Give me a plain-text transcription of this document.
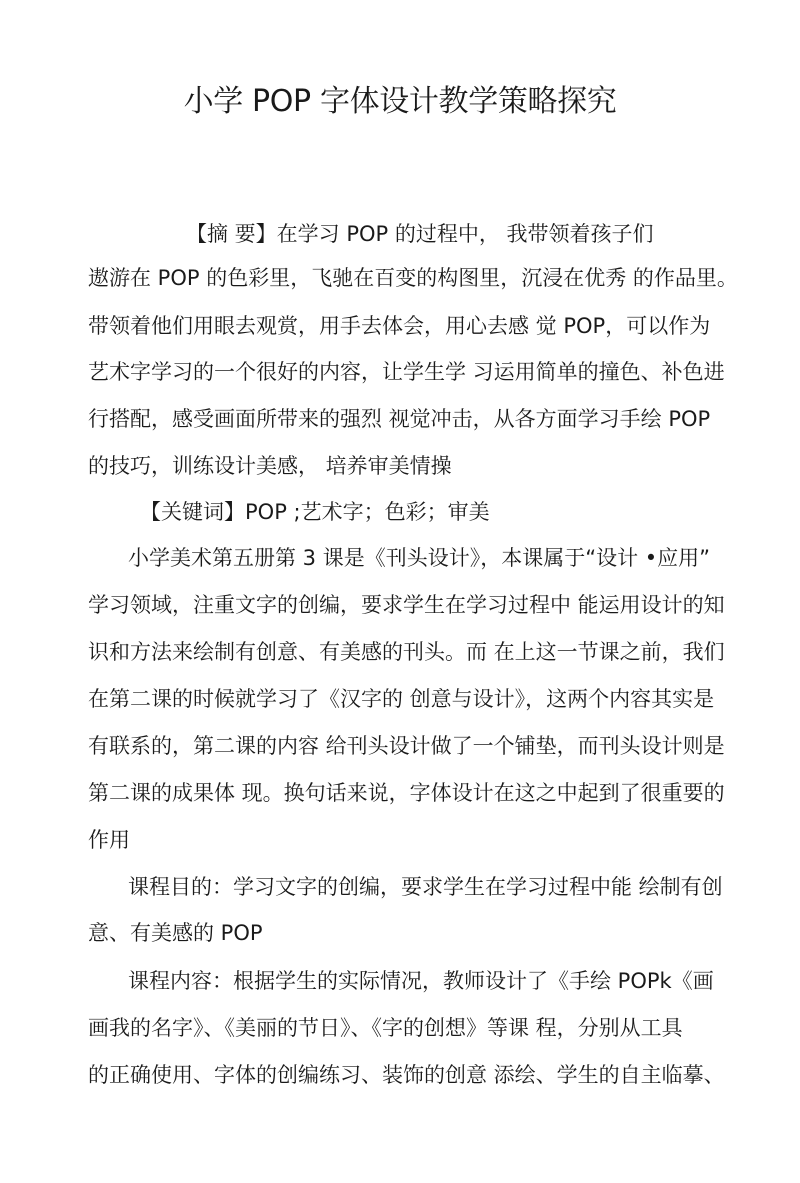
小学 POP 字体设计教学策略探究
【摘 要】在学习 POP 的过程中， 我带领着孩子们
遨游在 POP 的色彩里，飞驰在百变的构图里，沉浸在优秀 的作品里。
带领着他们用眼去观赏，用手去体会，用心去感 觉 POP，可以作为
艺术字学习的一个很好的内容，让学生学 习运用简单的撞色、补色进
行搭配，感受画面所带来的强烈 视觉冲击，从各方面学习手绘 POP
的技巧，训练设计美感， 培养审美情操
【关键词】POP ;艺术字；色彩；审美
小学美术第五册第 3 课是《刊头设计》，本课属于“设计 •应用”
学习领域，注重文字的创编，要求学生在学习过程中 能运用设计的知
识和方法来绘制有创意、有美感的刊头。而 在上这一节课之前，我们
在第二课的时候就学习了《汉字的 创意与设计》，这两个内容其实是
有联系的，第二课的内容 给刊头设计做了一个铺垫，而刊头设计则是
第二课的成果体 现。换句话来说，字体设计在这之中起到了很重要的
作用
课程目的：学习文字的创编，要求学生在学习过程中能 绘制有创
意、有美感的 POP
课程内容：根据学生的实际情况，教师设计了《手绘 POPk《画
画我的名字》、《美丽的节日》、《字的创想》等课 程，分别从工具
的正确使用、字体的创编练习、装饰的创意 添绘、学生的自主临摹、
